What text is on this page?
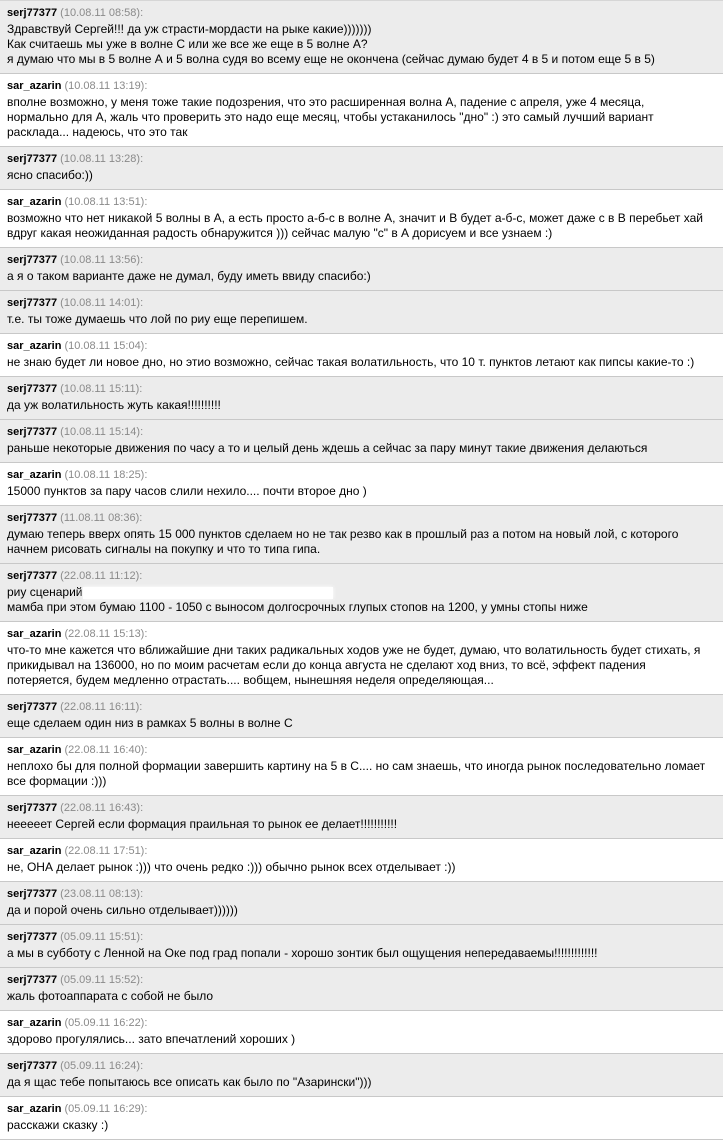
serj77377 (10.08.11 08:58):
Здравствуй Сергей!!! да уж страсти-мордасти на рыке какие)))))))
Как считаешь мы уже в волне С или же все же еще в 5 волне А?
я думаю что мы в 5 волне А и 5 волна судя во всему еще не окончена (сейчас думаю будет 4 в 5 и потом еще 5 в 5)
sar_azarin (10.08.11 13:19):
вполне возможно, у меня тоже такие подозрения, что это расширенная волна А, падение с апреля, уже 4 месяца,
нормально для А, жаль что проверить это надо еще месяц, чтобы устаканилось "дно" :) это самый лучший вариант
расклада... надеюсь, что это так
serj77377 (10.08.11 13:28):
ясно спасибо:))
sar_azarin (10.08.11 13:51):
возможно что нет никакой 5 волны в А, а есть просто а-б-с в волне А, значит и В будет а-б-с, может даже с в В перебьет хай
вдруг какая неожиданная радость обнаружится ))) сейчас малую "с" в А дорисуем и все узнаем :)
serj77377 (10.08.11 13:56):
а я о таком варианте даже не думал, буду иметь ввиду спасибо:)
serj77377 (10.08.11 14:01):
т.е. ты тоже думаешь что лой по риу еще перепишем.
sar_azarin (10.08.11 15:04):
не знаю будет ли новое дно, но этио возможно, сейчас такая волатильность, что 10 т. пунктов летают как пипсы какие-то :)
serj77377 (10.08.11 15:11):
да уж волатильность жуть какая!!!!!!!!!!
serj77377 (10.08.11 15:14):
раньше некоторые движения по часу а то и целый день ждешь а сейчас за пару минут такие движения делаються
sar_azarin (10.08.11 18:25):
15000 пунктов за пару часов слили нехило.... почти второе дно )
serj77377 (11.08.11 08:36):
думаю теперь вверх опять 15 000 пунктов сделаем но не так резво как в прошлый раз а потом на новый лой, с которого
начнем рисовать сигналы на покупку и что то типа гипа.
serj77377 (22.08.11 11:12):
риу сценарий
мамба при этом бумаю 1100 - 1050 с выносом долгосрочных глупых стопов на 1200, у умны стопы ниже
sar_azarin (22.08.11 15:13):
что-то мне кажется что вближайшие дни таких радикальных ходов уже не будет, думаю, что волатильность будет стихать, я
прикидывал на 136000, но по моим расчетам если до конца августа не сделают ход вниз, то всё, эффект падения
потеряется, будем медленно отрастать.... вобщем, нынешняя неделя определяющая...
serj77377 (22.08.11 16:11):
еще сделаем один низ в рамках 5 волны в волне С
sar_azarin (22.08.11 16:40):
неплохо бы для полной формации завершить картину на 5 в С.... но сам знаешь, что иногда рынок последовательно ломает
все формации :)))
serj77377 (22.08.11 16:43):
нееееет Сергей если формация праильная то рынок ее делает!!!!!!!!!!!
sar_azarin (22.08.11 17:51):
не, ОНА делает рынок :))) что очень редко :))) обычно рынок всех отделывает :))
serj77377 (23.08.11 08:13):
да и порой очень сильно отделывает))))))
serj77377 (05.09.11 15:51):
а мы в субботу с Ленной на Оке под град попали - хорошо зонтик был ощущения непередаваемы!!!!!!!!!!!!!
serj77377 (05.09.11 15:52):
жаль фотоаппарата с собой не было
sar_azarin (05.09.11 16:22):
здорово прогулялись... зато впечатлений хороших )
serj77377 (05.09.11 16:24):
да я щас тебе попытаюсь все описать как было по "Азарински")))
sar_azarin (05.09.11 16:29):
расскажи сказку :)
